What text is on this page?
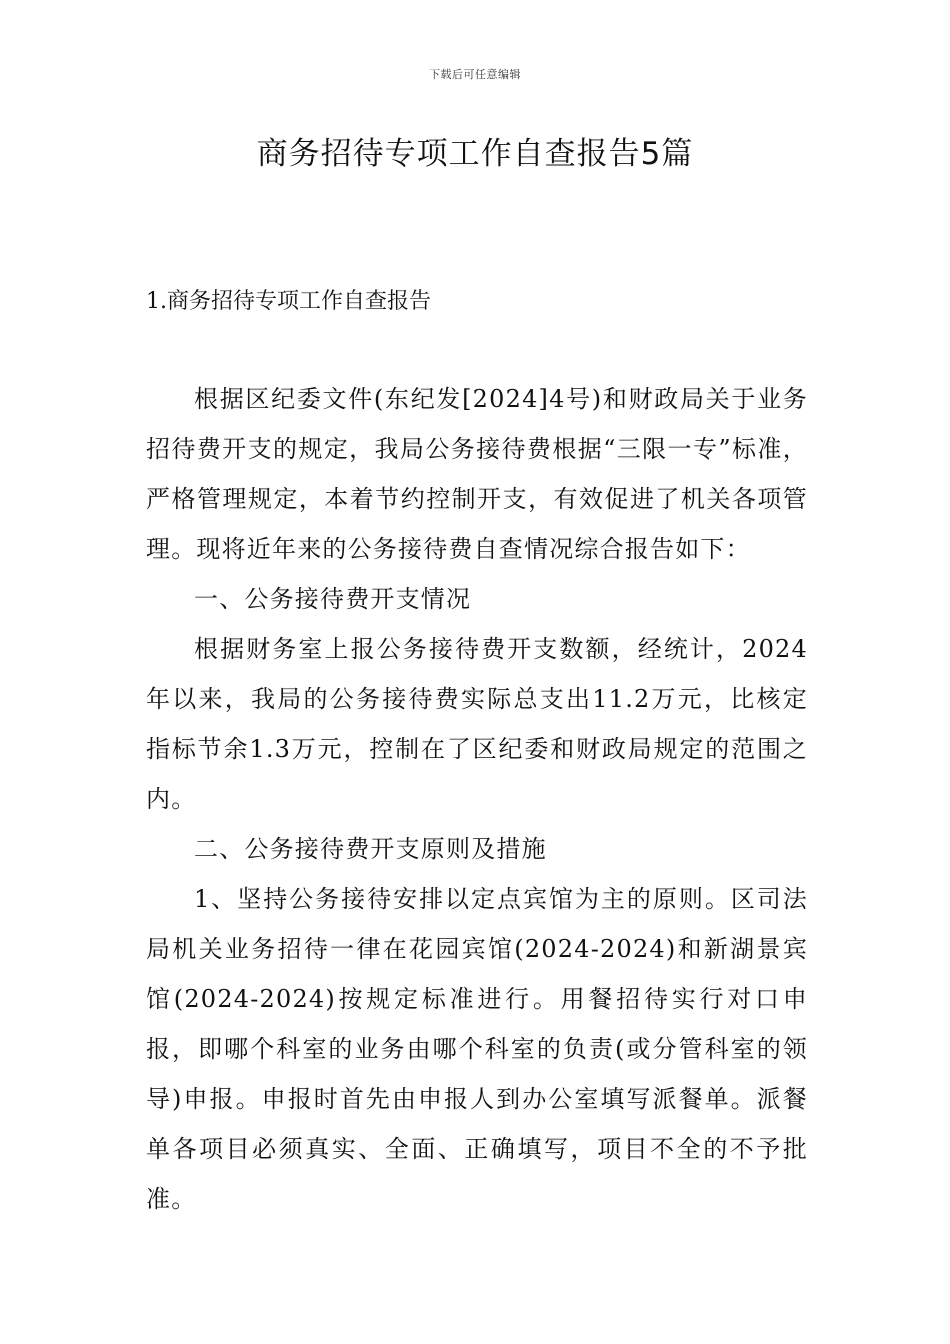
下载后可任意编辑
商务招待专项工作自查报告5篇
1.商务招待专项工作自查报告

根据区纪委文件(东纪发[2024]4号)和财政局关于业务招待费开支的规定，我局公务接待费根据“三限一专”标准，严格管理规定，本着节约控制开支，有效促进了机关各项管理。现将近年来的公务接待费自查情况综合报告如下：

一、公务接待费开支情况

根据财务室上报公务接待费开支数额，经统计，2024年以来，我局的公务接待费实际总支出11.2万元，比核定指标节余1.3万元，控制在了区纪委和财政局规定的范围之内。

二、公务接待费开支原则及措施

1、坚持公务接待安排以定点宾馆为主的原则。区司法局机关业务招待一律在花园宾馆(2024-2024)和新湖景宾馆(2024-2024)按规定标准进行。用餐招待实行对口申报，即哪个科室的业务由哪个科室的负责(或分管科室的领导)申报。申报时首先由申报人到办公室填写派餐单。派餐单各项目必须真实、全面、正确填写，项目不全的不予批准。
